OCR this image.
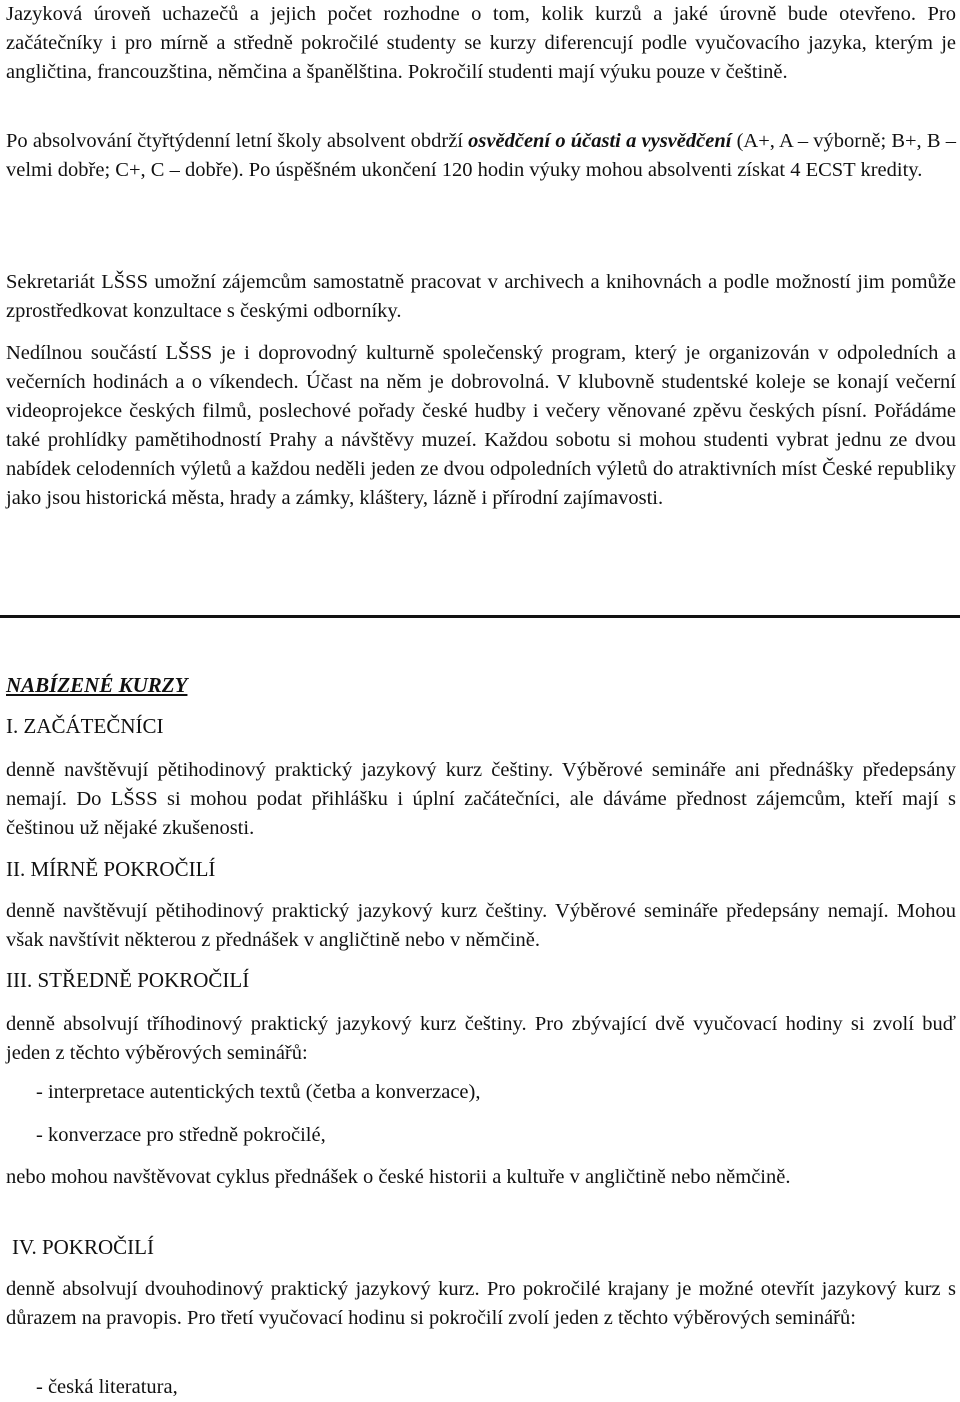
Jazyková úroveň uchazečů a jejich počet rozhodne o tom, kolik kurzů a jaké úrovně bude otevřeno. Pro začátečníky i pro mírně a středně pokročilé studenty se kurzy diferencují podle vyučovacího jazyka, kterým je angličtina, francouzština, němčina a španělština. Pokročilí studenti mají výuku pouze v češtině.

Po absolvování čtyřtýdenní letní školy absolvent obdrží osvědčení o účasti a vysvědčení (A+, A – výborně; B+, B – velmi dobře; C+, C – dobře). Po úspěšném ukončení 120 hodin výuky mohou absolventi získat 4 ECST kredity.

Sekretariát LŠSS umožní zájemcům samostatně pracovat v archivech a knihovnách a podle možností jim pomůže zprostředkovat konzultace s českými odborníky.

Nedílnou součástí LŠSS je i doprovodný kulturně společenský program, který je organizován v odpoledních a večerních hodinách a o víkendech. Účast na něm je dobrovolná. V klubovně studentské koleje se konají večerní videoprojekce českých filmů, poslechové pořady české hudby i večery věnované zpěvu českých písní. Pořádáme také prohlídky pamětihodností Prahy a návštěvy muzeí. Každou sobotu si mohou studenti vybrat jednu ze dvou nabídek celodenních výletů a každou neděli jeden ze dvou odpoledních výletů do atraktivních míst České republiky jako jsou historická města, hrady a zámky, kláštery, lázně i přírodní zajímavosti.

NABÍZENÉ KURZY

I. ZAČÁTEČNÍCI

denně navštěvují pětihodinový praktický jazykový kurz češtiny. Výběrové semináře ani přednášky předepsány nemají. Do LŠSS si mohou podat přihlášku i úplní začátečníci, ale dáváme přednost zájemcům, kteří mají s češtinou už nějaké zkušenosti.

II. MÍRNĚ POKROČILÍ

denně navštěvují pětihodinový praktický jazykový kurz češtiny. Výběrové semináře předepsány nemají. Mohou však navštívit některou z přednášek v angličtině nebo v němčině.

III. STŘEDNĚ POKROČILÍ

denně absolvují tříhodinový praktický jazykový kurz češtiny. Pro zbývající dvě vyučovací hodiny si zvolí buď jeden z těchto výběrových seminářů:

- interpretace autentických textů (četba a konverzace),

- konverzace pro středně pokročilé,

nebo mohou navštěvovat cyklus přednášek o české historii a kultuře v angličtině nebo němčině.

IV. POKROČILÍ

denně absolvují dvouhodinový praktický jazykový kurz. Pro pokročilé krajany je možné otevřít jazykový kurz s důrazem na pravopis. Pro třetí vyučovací hodinu si pokročilí zvolí jeden z těchto výběrových seminářů:

- česká literatura,
